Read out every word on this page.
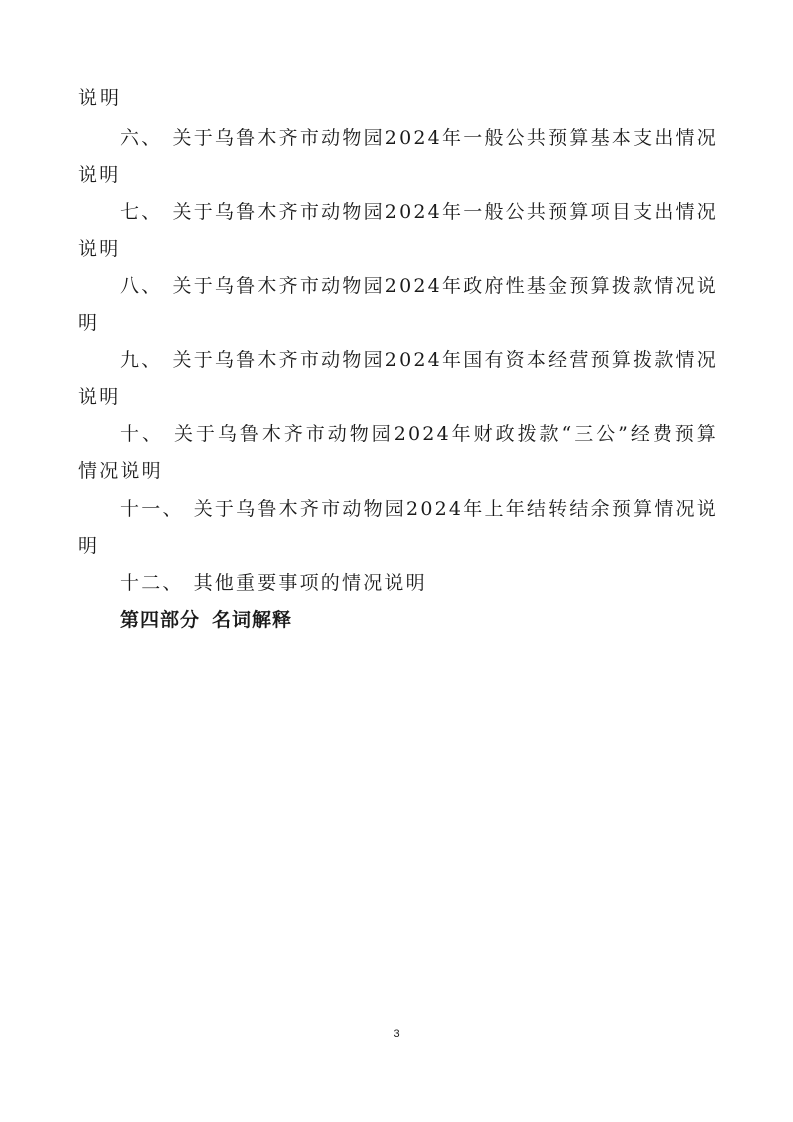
说明
六、 关于乌鲁木齐市动物园2024年一般公共预算基本支出情况说明
七、 关于乌鲁木齐市动物园2024年一般公共预算项目支出情况说明
八、 关于乌鲁木齐市动物园2024年政府性基金预算拨款情况说明
九、 关于乌鲁木齐市动物园2024年国有资本经营预算拨款情况说明
十、 关于乌鲁木齐市动物园2024年财政拨款“三公”经费预算情况说明
十一、 关于乌鲁木齐市动物园2024年上年结转结余预算情况说明
十二、 其他重要事项的情况说明
第四部分 名词解释
3
